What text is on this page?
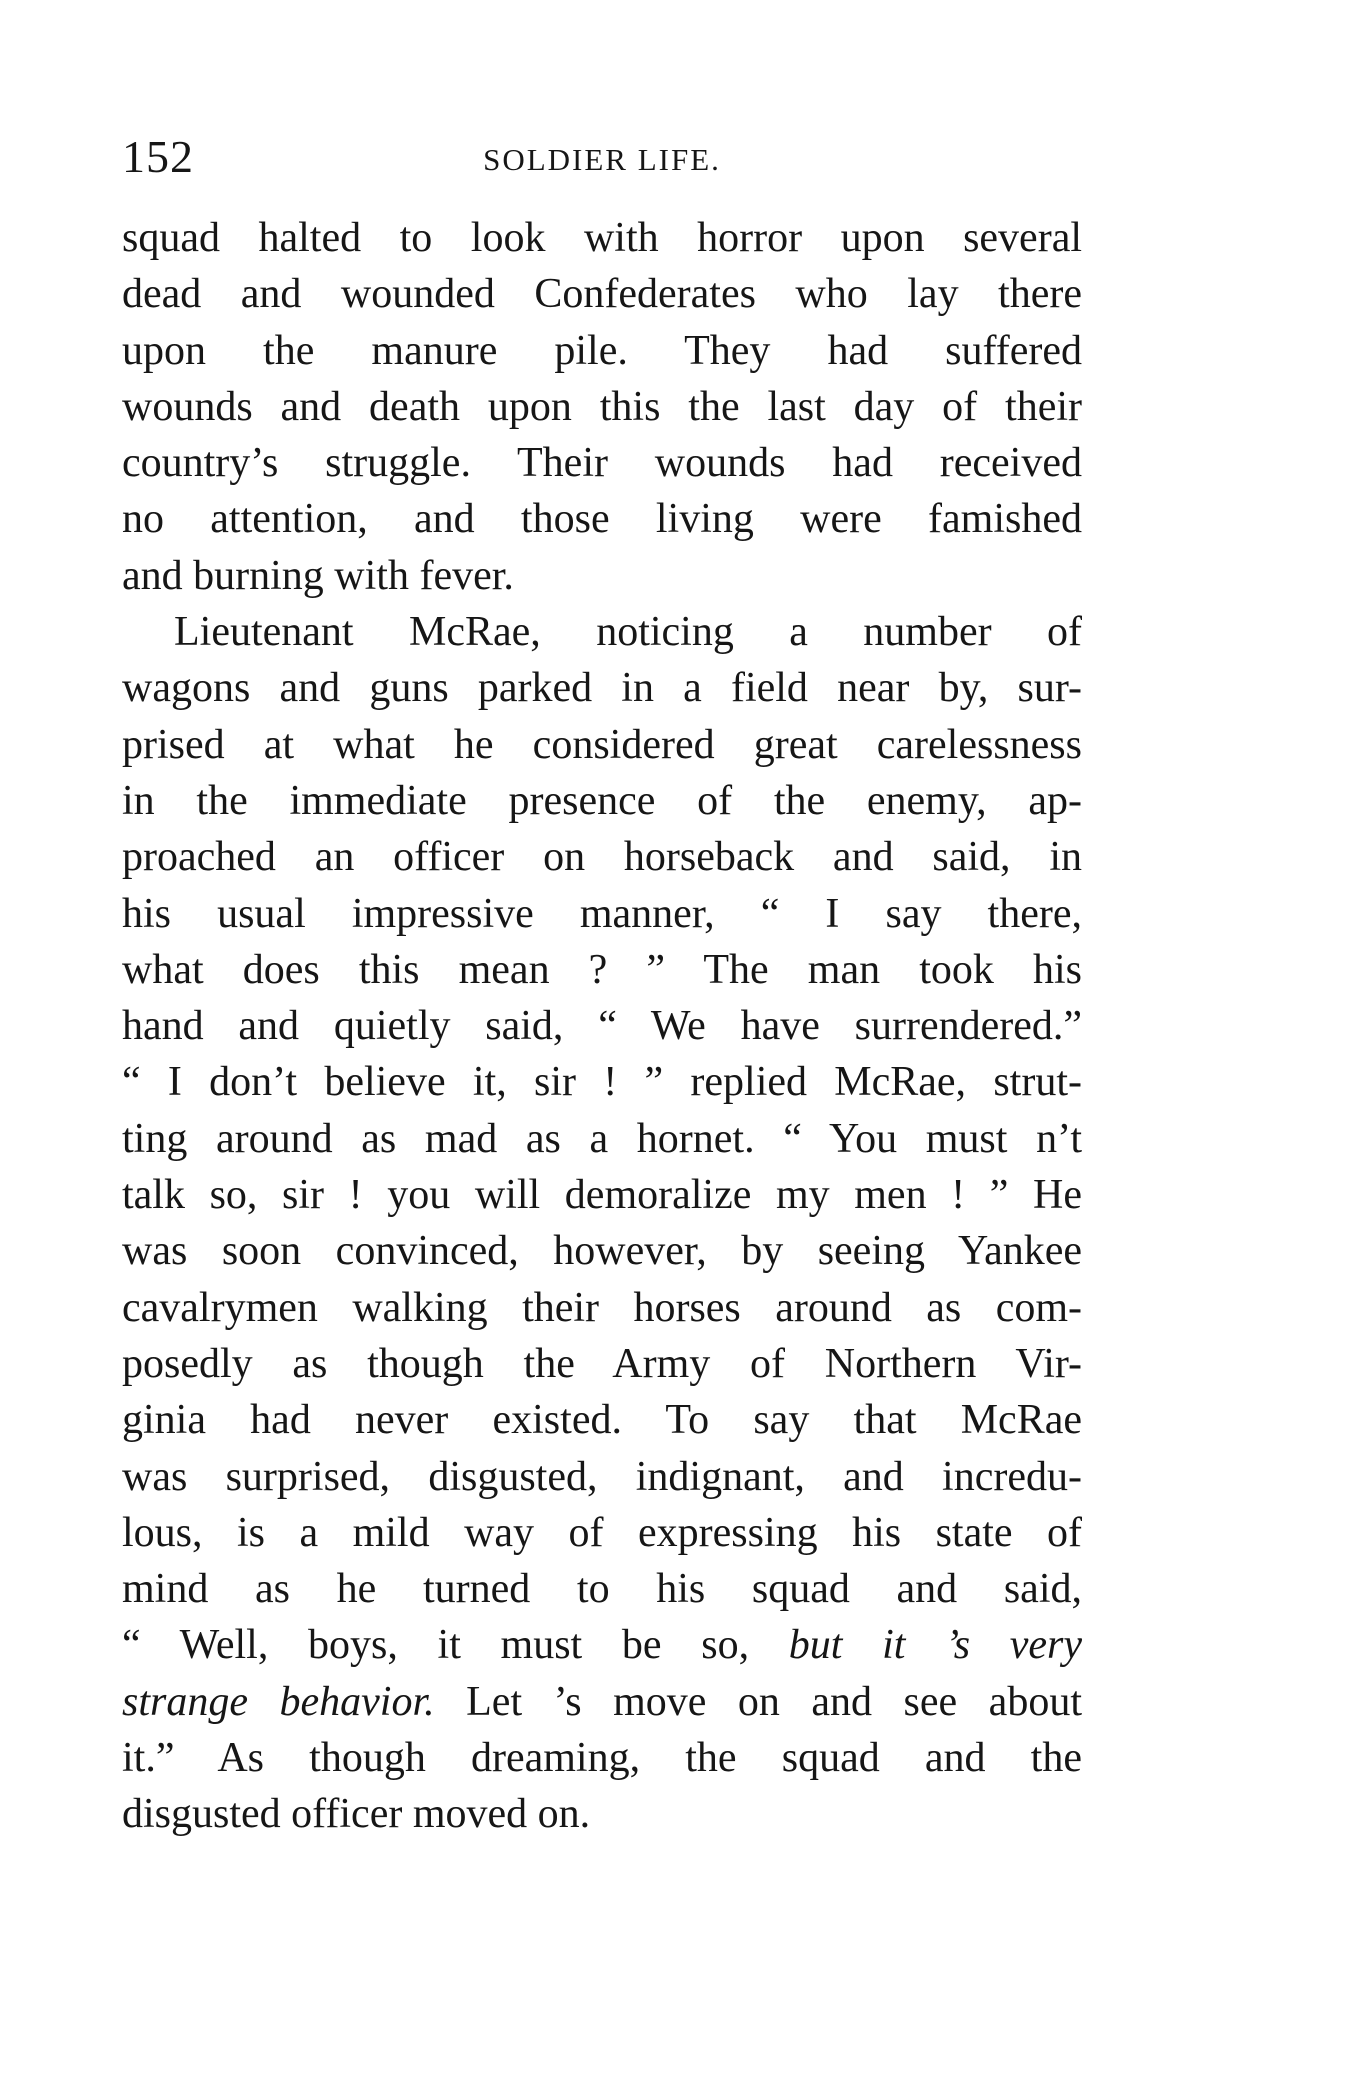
152	SOLDIER LIFE.
squad halted to look with horror upon several
dead and wounded Confederates who lay there
upon the manure pile. They had suffered
wounds and death upon this the last day of their
country’s struggle. Their wounds had received
no attention, and those living were famished
and burning with fever.
Lieutenant McRae, noticing a number of
wagons and guns parked in a field near by, sur-
prised at what he considered great carelessness
in the immediate presence of the enemy, ap-
proached an officer on horseback and said, in
his usual impressive manner, “ I say there,
what does this mean ? ” The man took his
hand and quietly said, “ We have surrendered.”
“ I don’t believe it, sir ! ” replied McRae, strut-
ting around as mad as a hornet. “ You must n’t
talk so, sir ! you will demoralize my men ! ” He
was soon convinced, however, by seeing Yankee
cavalrymen walking their horses around as com-
posedly as though the Army of Northern Vir-
ginia had never existed. To say that McRae
was surprised, disgusted, indignant, and incredu-
lous, is a mild way of expressing his state of
mind as he turned to his squad and said,
“ Well, boys, it must be so, but it ’s very
strange behavior. Let ’s move on and see about
it.” As though dreaming, the squad and the
disgusted officer moved on.
